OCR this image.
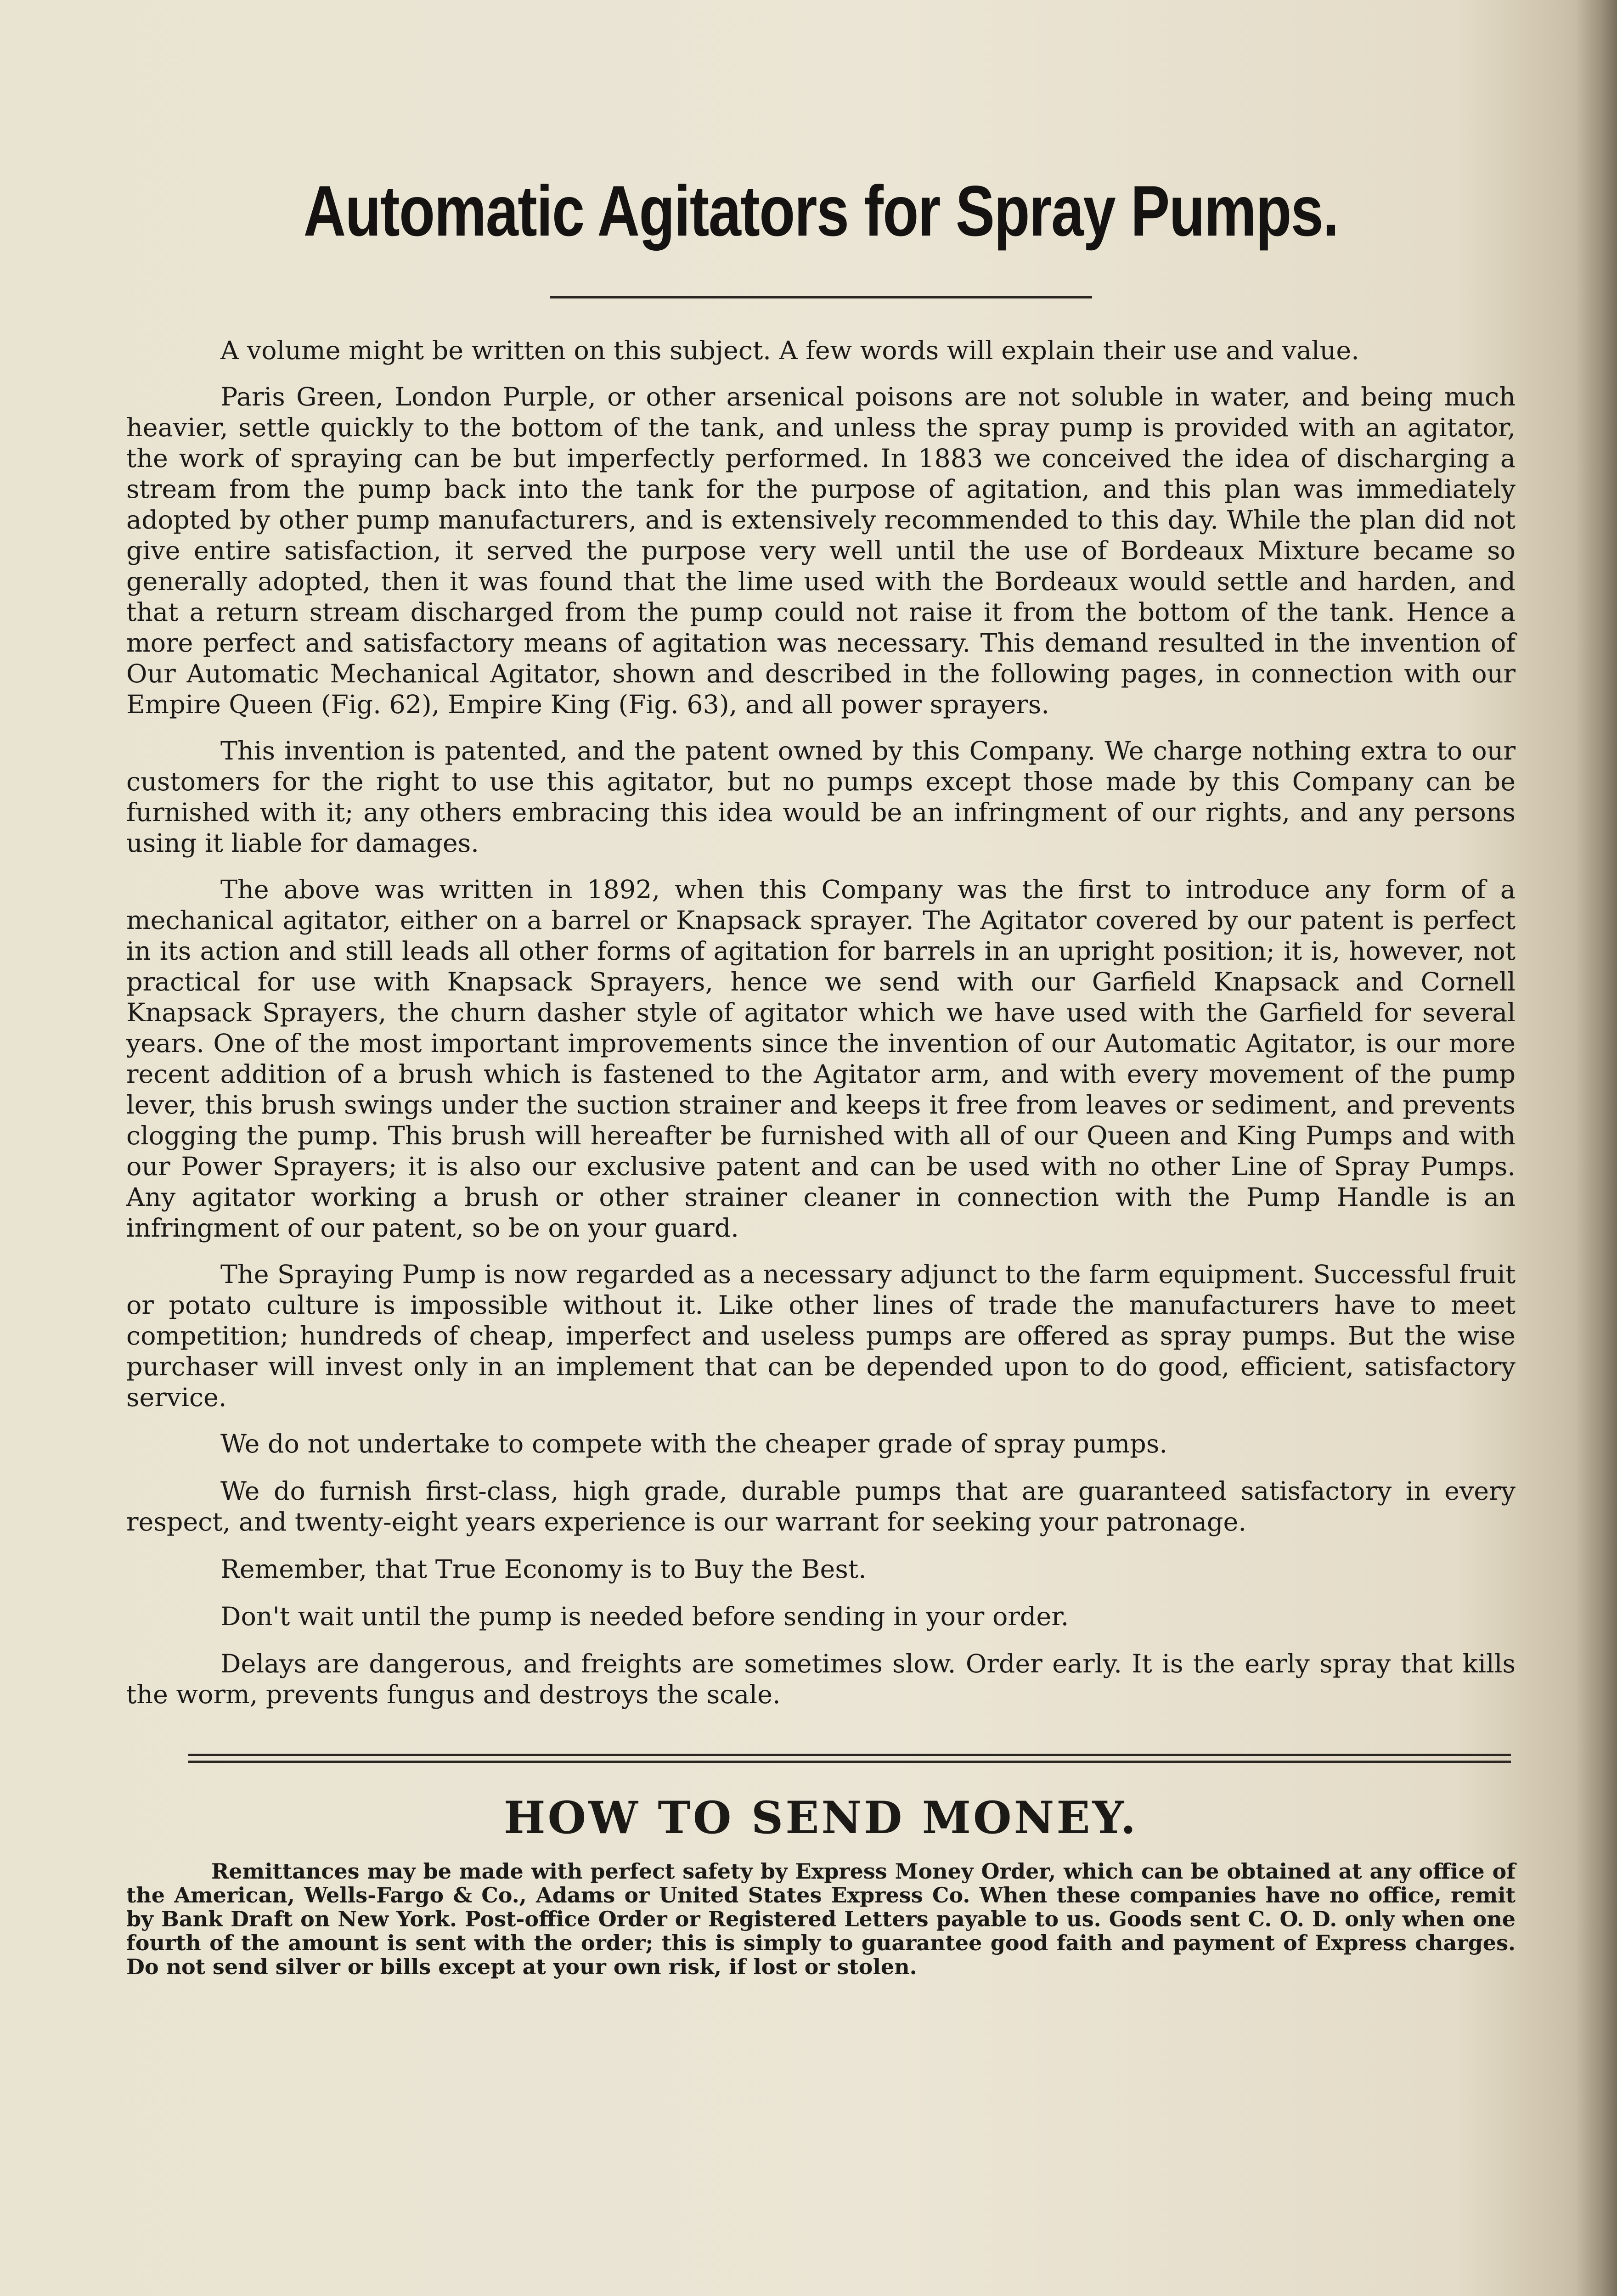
Automatic Agitators for Spray Pumps.

A volume might be written on this subject. A few words will explain their use and value.

Paris Green, London Purple, or other arsenical poisons are not soluble in water, and being much heavier, settle quickly to the bottom of the tank, and unless the spray pump is provided with an agitator, the work of spraying can be but imperfectly performed. In 1883 we conceived the idea of discharging a stream from the pump back into the tank for the purpose of agitation, and this plan was immediately adopted by other pump manufacturers, and is extensively recommended to this day. While the plan did not give entire satisfaction, it served the purpose very well until the use of Bordeaux Mixture became so generally adopted, then it was found that the lime used with the Bordeaux would settle and harden, and that a return stream discharged from the pump could not raise it from the bottom of the tank. Hence a more perfect and satisfactory means of agitation was necessary. This demand resulted in the invention of Our Automatic Mechanical Agitator, shown and described in the following pages, in connection with our Empire Queen (Fig. 62), Empire King (Fig. 63), and all power sprayers.

This invention is patented, and the patent owned by this Company. We charge nothing extra to our customers for the right to use this agitator, but no pumps except those made by this Company can be furnished with it; any others embracing this idea would be an infringment of our rights, and any persons using it liable for damages.

The above was written in 1892, when this Company was the first to introduce any form of a mechanical agitator, either on a barrel or Knapsack sprayer. The Agitator covered by our patent is perfect in its action and still leads all other forms of agitation for barrels in an upright position; it is, however, not practical for use with Knapsack Sprayers, hence we send with our Garfield Knapsack and Cornell Knapsack Sprayers, the churn dasher style of agitator which we have used with the Garfield for several years. One of the most important improvements since the invention of our Automatic Agitator, is our more recent addition of a brush which is fastened to the Agitator arm, and with every movement of the pump lever, this brush swings under the suction strainer and keeps it free from leaves or sediment, and prevents clogging the pump. This brush will hereafter be furnished with all of our Queen and King Pumps and with our Power Sprayers; it is also our exclusive patent and can be used with no other Line of Spray Pumps. Any agitator working a brush or other strainer cleaner in connection with the Pump Handle is an infringment of our patent, so be on your guard.

The Spraying Pump is now regarded as a necessary adjunct to the farm equipment. Successful fruit or potato culture is impossible without it. Like other lines of trade the manufacturers have to meet competition; hundreds of cheap, imperfect and useless pumps are offered as spray pumps. But the wise purchaser will invest only in an implement that can be depended upon to do good, efficient, satisfactory service.

We do not undertake to compete with the cheaper grade of spray pumps.

We do furnish first-class, high grade, durable pumps that are guaranteed satisfactory in every respect, and twenty-eight years experience is our warrant for seeking your patronage.

Remember, that True Economy is to Buy the Best.

Don't wait until the pump is needed before sending in your order.

Delays are dangerous, and freights are sometimes slow. Order early. It is the early spray that kills the worm, prevents fungus and destroys the scale.

HOW TO SEND MONEY.

Remittances may be made with perfect safety by Express Money Order, which can be obtained at any office of the American, Wells-Fargo & Co., Adams or United States Express Co. When these companies have no office, remit by Bank Draft on New York. Post-office Order or Registered Letters payable to us. Goods sent C. O. D. only when one fourth of the amount is sent with the order; this is simply to guarantee good faith and payment of Express charges. Do not send silver or bills except at your own risk, if lost or stolen.
